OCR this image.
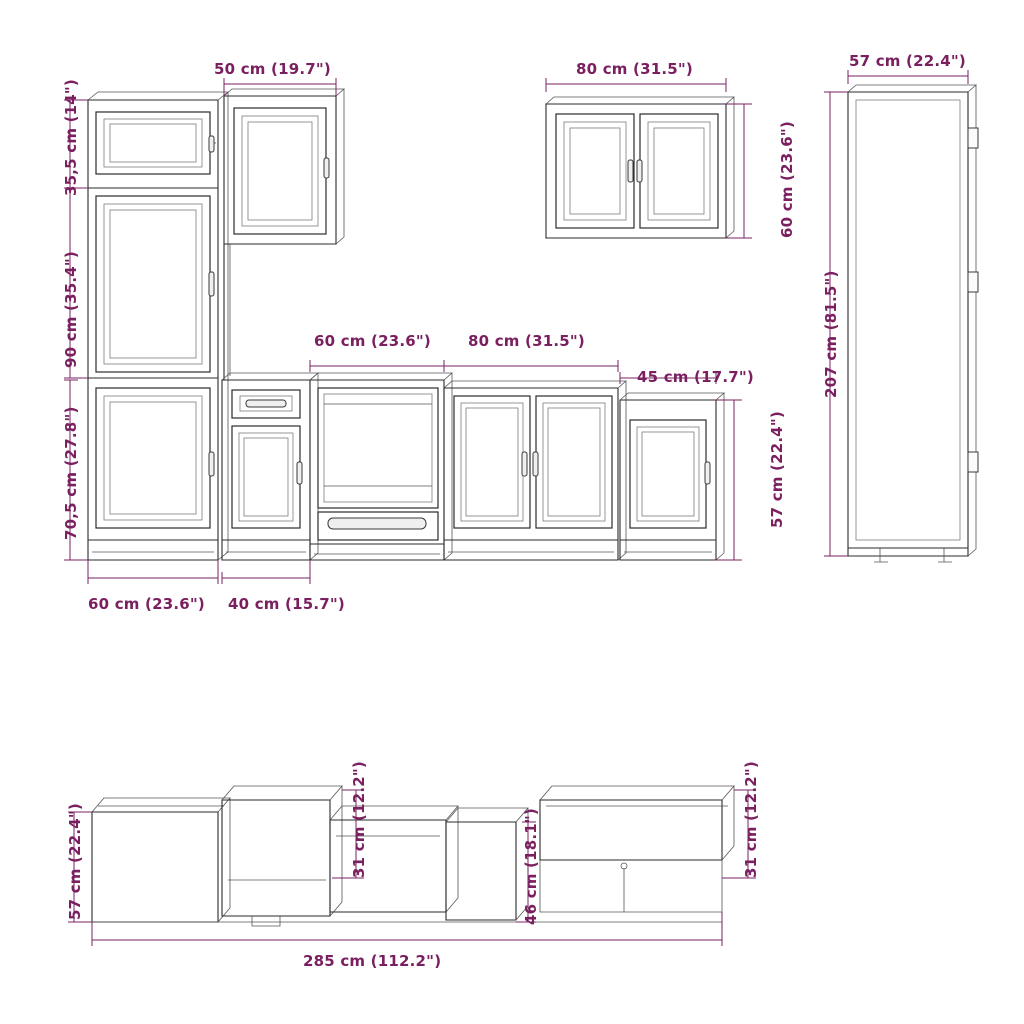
50 cm (19.7")	80 cm (31.5")	57 cm (22.4")
35,5 cm (14")
90 cm (35.4")
70,5 cm (27.8")
60 cm (23.6")
207 cm (81.5")
60 cm (23.6") 80 cm (31.5")
45 cm (17.7")
57 cm (22.4")
60 cm (23.6") 40 cm (15.7")
57 cm (22.4")	31 cm (12.2")	46 cm (18.1")	31 cm (12.2")
285 cm (112.2")
